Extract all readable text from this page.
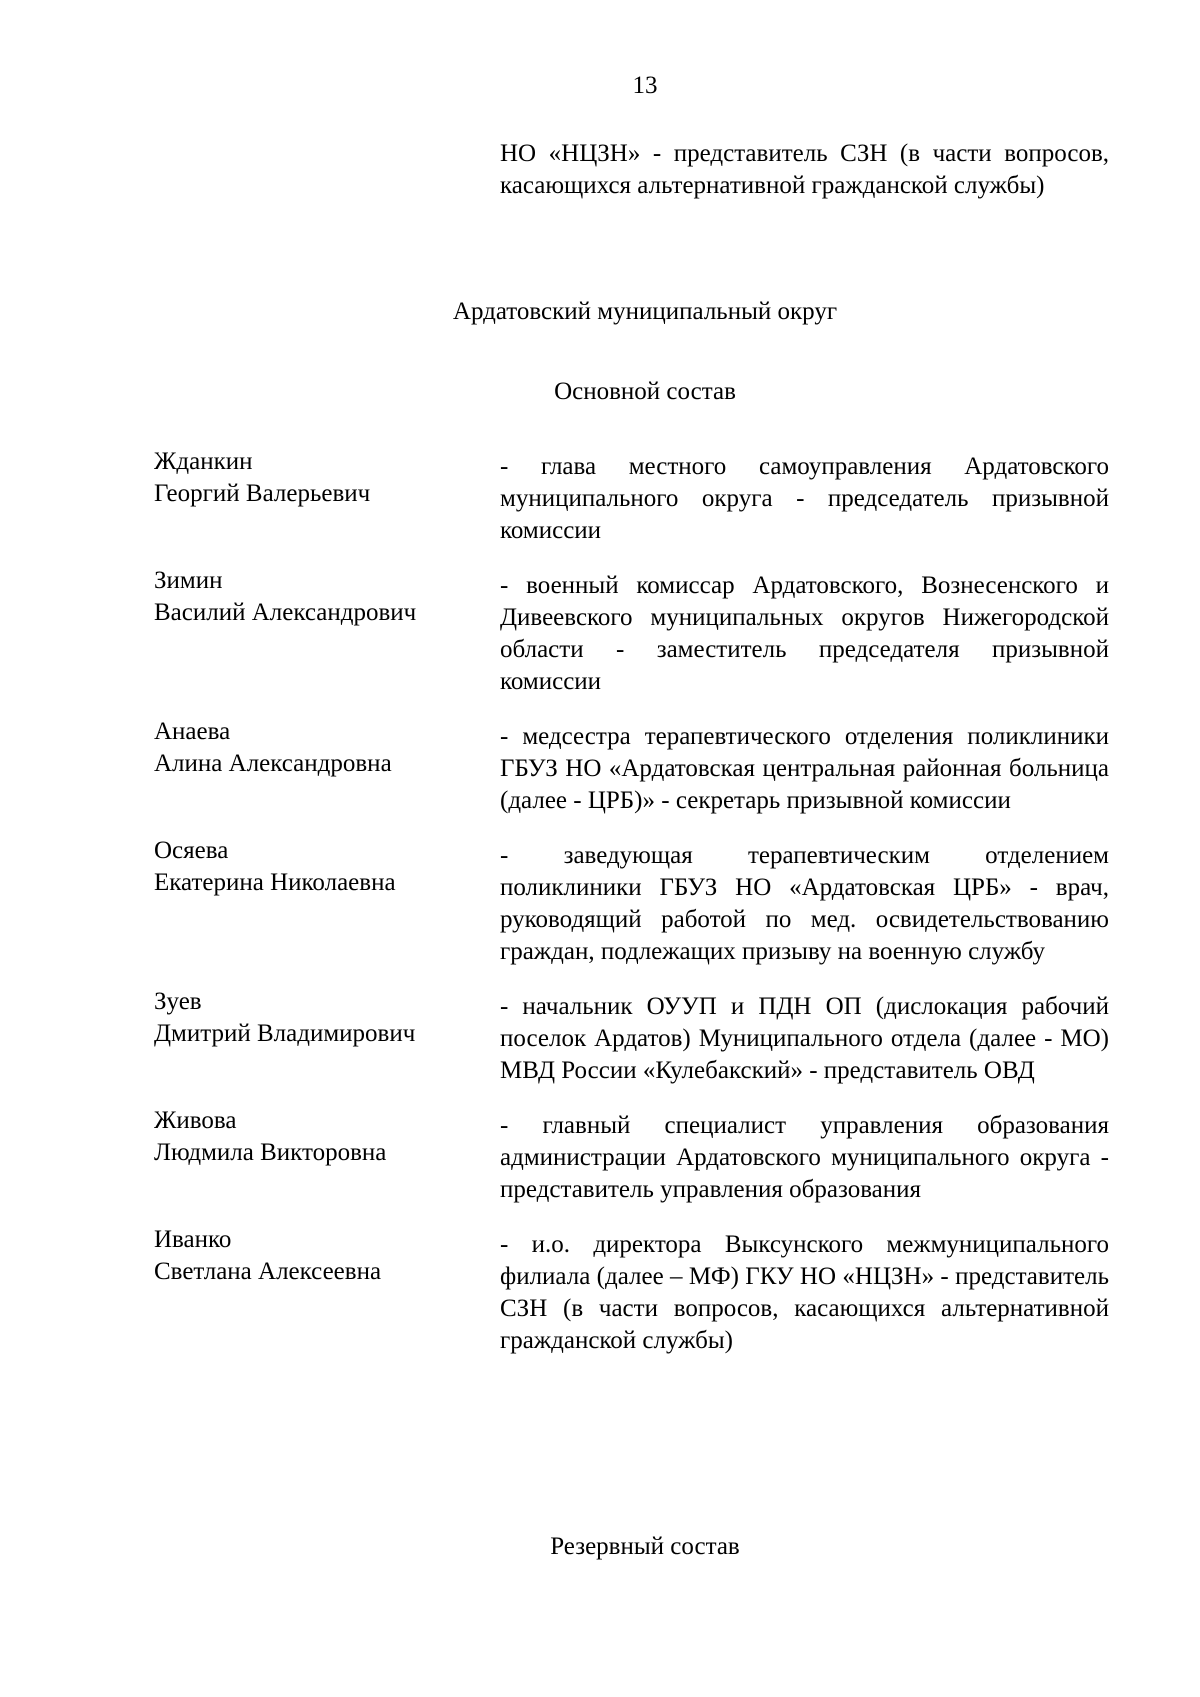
13
НО «НЦЗН» - представитель СЗН (в части вопросов, касающихся альтернативной гражданской службы)
Ардатовский муниципальный округ
Основной состав
Жданкин
Георгий Валерьевич
- глава местного самоуправления Ардатовского муниципального округа - председатель призывной комиссии
Зимин
Василий Александрович
- военный комиссар Ардатовского, Вознесенского и Дивеевского муниципальных округов Нижегородской области - заместитель председателя призывной комиссии
Анаева
Алина Александровна
- медсестра терапевтического отделения поликлиники ГБУЗ НО «Ардатовская центральная районная больница (далее - ЦРБ)» - секретарь призывной комиссии
Осяева
Екатерина Николаевна
- заведующая терапевтическим отделением поликлиники ГБУЗ НО «Ардатовская ЦРБ» - врач, руководящий работой по мед. освидетельствованию граждан, подлежащих призыву на военную службу
Зуев
Дмитрий Владимирович
- начальник ОУУП и ПДН ОП (дислокация рабочий поселок Ардатов) Муниципального отдела (далее - МО) МВД России «Кулебакский» - представитель ОВД
Живова
Людмила Викторовна
- главный специалист управления образования администрации Ардатовского муниципального округа - представитель управления образования
Иванко
Светлана Алексеевна
- и.о. директора Выксунского межмуниципального филиала (далее – МФ) ГКУ НО «НЦЗН» - представитель СЗН (в части вопросов, касающихся альтернативной гражданской службы)
Резервный состав
